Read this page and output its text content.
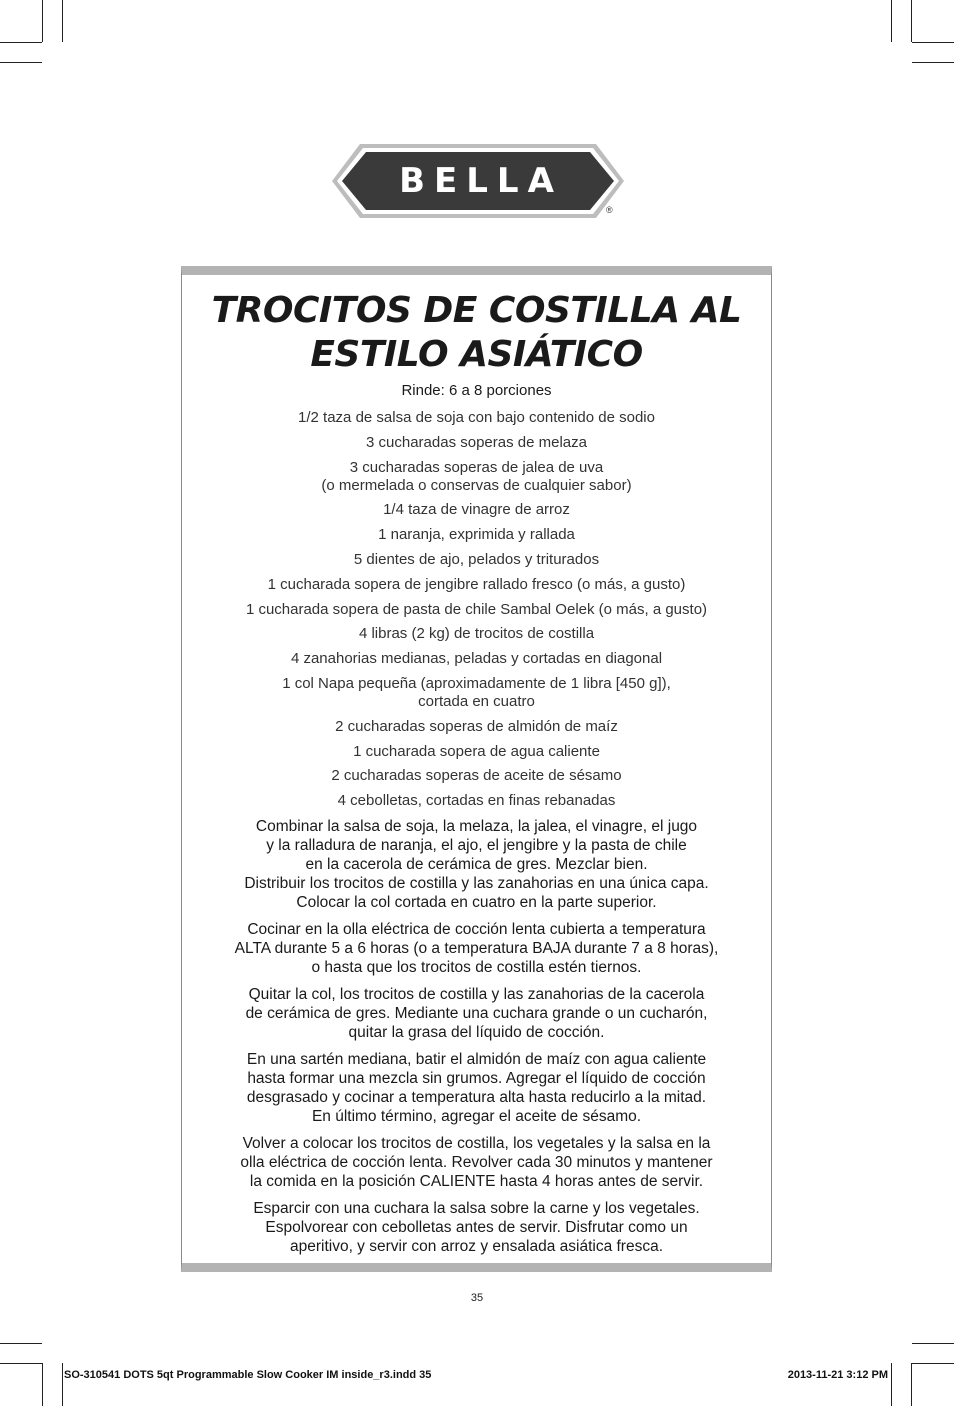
BELLA
®
TROCITOS DE COSTILLA AL
ESTILO ASIÁTICO
Rinde: 6 a 8 porciones
1/2 taza de salsa de soja con bajo contenido de sodio
3 cucharadas soperas de melaza
3 cucharadas soperas de jalea de uva
(o mermelada o conservas de cualquier sabor)
1/4 taza de vinagre de arroz
1 naranja, exprimida y rallada
5 dientes de ajo, pelados y triturados
1 cucharada sopera de jengibre rallado fresco (o más, a gusto)
1 cucharada sopera de pasta de chile Sambal Oelek (o más, a gusto)
4 libras (2 kg) de trocitos de costilla
4 zanahorias medianas, peladas y cortadas en diagonal
1 col Napa pequeña (aproximadamente de 1 libra [450 g]),
cortada en cuatro
2 cucharadas soperas de almidón de maíz
1 cucharada sopera de agua caliente
2 cucharadas soperas de aceite de sésamo
4 cebolletas, cortadas en finas rebanadas

Combinar la salsa de soja, la melaza, la jalea, el vinagre, el jugo
y la ralladura de naranja, el ajo, el jengibre y la pasta de chile
en la cacerola de cerámica de gres. Mezclar bien.
Distribuir los trocitos de costilla y las zanahorias en una única capa.
Colocar la col cortada en cuatro en la parte superior.

Cocinar en la olla eléctrica de cocción lenta cubierta a temperatura
ALTA durante 5 a 6 horas (o a temperatura BAJA durante 7 a 8 horas),
o hasta que los trocitos de costilla estén tiernos.

Quitar la col, los trocitos de costilla y las zanahorias de la cacerola
de cerámica de gres. Mediante una cuchara grande o un cucharón,
quitar la grasa del líquido de cocción.

En una sartén mediana, batir el almidón de maíz con agua caliente
hasta formar una mezcla sin grumos. Agregar el líquido de cocción
desgrasado y cocinar a temperatura alta hasta reducirlo a la mitad.
En último término, agregar el aceite de sésamo.

Volver a colocar los trocitos de costilla, los vegetales y la salsa en la
olla eléctrica de cocción lenta. Revolver cada 30 minutos y mantener
la comida en la posición CALIENTE hasta 4 horas antes de servir.

Esparcir con una cuchara la salsa sobre la carne y los vegetales.
Espolvorear con cebolletas antes de servir. Disfrutar como un
aperitivo, y servir con arroz y ensalada asiática fresca.

35
SO-310541 DOTS 5qt Programmable Slow Cooker IM inside_r3.indd 35	2013-11-21 3:12 PM
